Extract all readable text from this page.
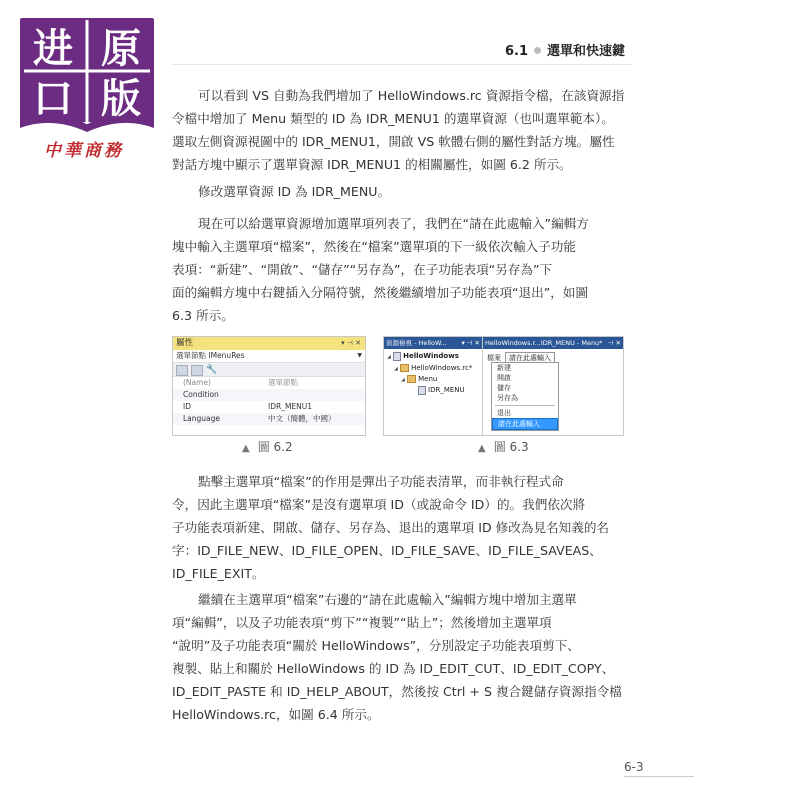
进 原
口 版
中華商務
6.1 選單和快速鍵
可以看到 VS 自動為我們增加了 HelloWindows.rc 資源指令檔，在該資源指
令檔中增加了 Menu 類型的 ID 為 IDR_MENU1 的選單資源（也叫選單範本）。
選取左側資源視圖中的 IDR_MENU1，開啟 VS 軟體右側的屬性對話方塊。屬性
對話方塊中顯示了選單資源 IDR_MENU1 的相關屬性，如圖 6.2 所示。
修改選單資源 ID 為 IDR_MENU。
現在可以給選單資源增加選單項列表了，我們在“請在此處輸入”編輯方
塊中輸入主選單項“檔案”，然後在“檔案”選單項的下一級依次輸入子功能
表項：“新建”、“開啟”、“儲存”“另存為”，在子功能表項“另存為”下
面的編輯方塊中右鍵插入分隔符號，然後繼續增加子功能表項“退出”，如圖
6.3 所示。
屬性	▾ ⊣ ✕
選單節點 IMenuRes	▼
🔧
(Name)	選單節點
Condition
ID	IDR_MENU1
Language	中文（簡體，中國）
資源檢視 - HelloW... ▾ ⊣ ✕
◢ HelloWindows
◢ HelloWindows.rc*
◢ Menu
IDR_MENU
HelloWindows.r...IDR_MENU - Menu* ⊣ ✕
檔案 請在此處輸入
新建
開啟
儲存
另存為
退出
請在此處輸入
▲ 圖 6.2	▲ 圖 6.3
點擊主選單項“檔案”的作用是彈出子功能表清單，而非執行程式命
令，因此主選單項“檔案”是沒有選單項 ID（或說命令 ID）的。我們依次將
子功能表項新建、開啟、儲存、另存為、退出的選單項 ID 修改為見名知義的名
字：ID_FILE_NEW、ID_FILE_OPEN、ID_FILE_SAVE、ID_FILE_SAVEAS、
ID_FILE_EXIT。
繼續在主選單項“檔案”右邊的“請在此處輸入”編輯方塊中增加主選單
項“編輯”，以及子功能表項“剪下”“複製”“貼上”；然後增加主選單項
“說明”及子功能表項“關於 HelloWindows”，分別設定子功能表項剪下、
複製、貼上和關於 HelloWindows 的 ID 為 ID_EDIT_CUT、ID_EDIT_COPY、
ID_EDIT_PASTE 和 ID_HELP_ABOUT，然後按 Ctrl + S 複合鍵儲存資源指令檔
HelloWindows.rc，如圖 6.4 所示。
6-3
